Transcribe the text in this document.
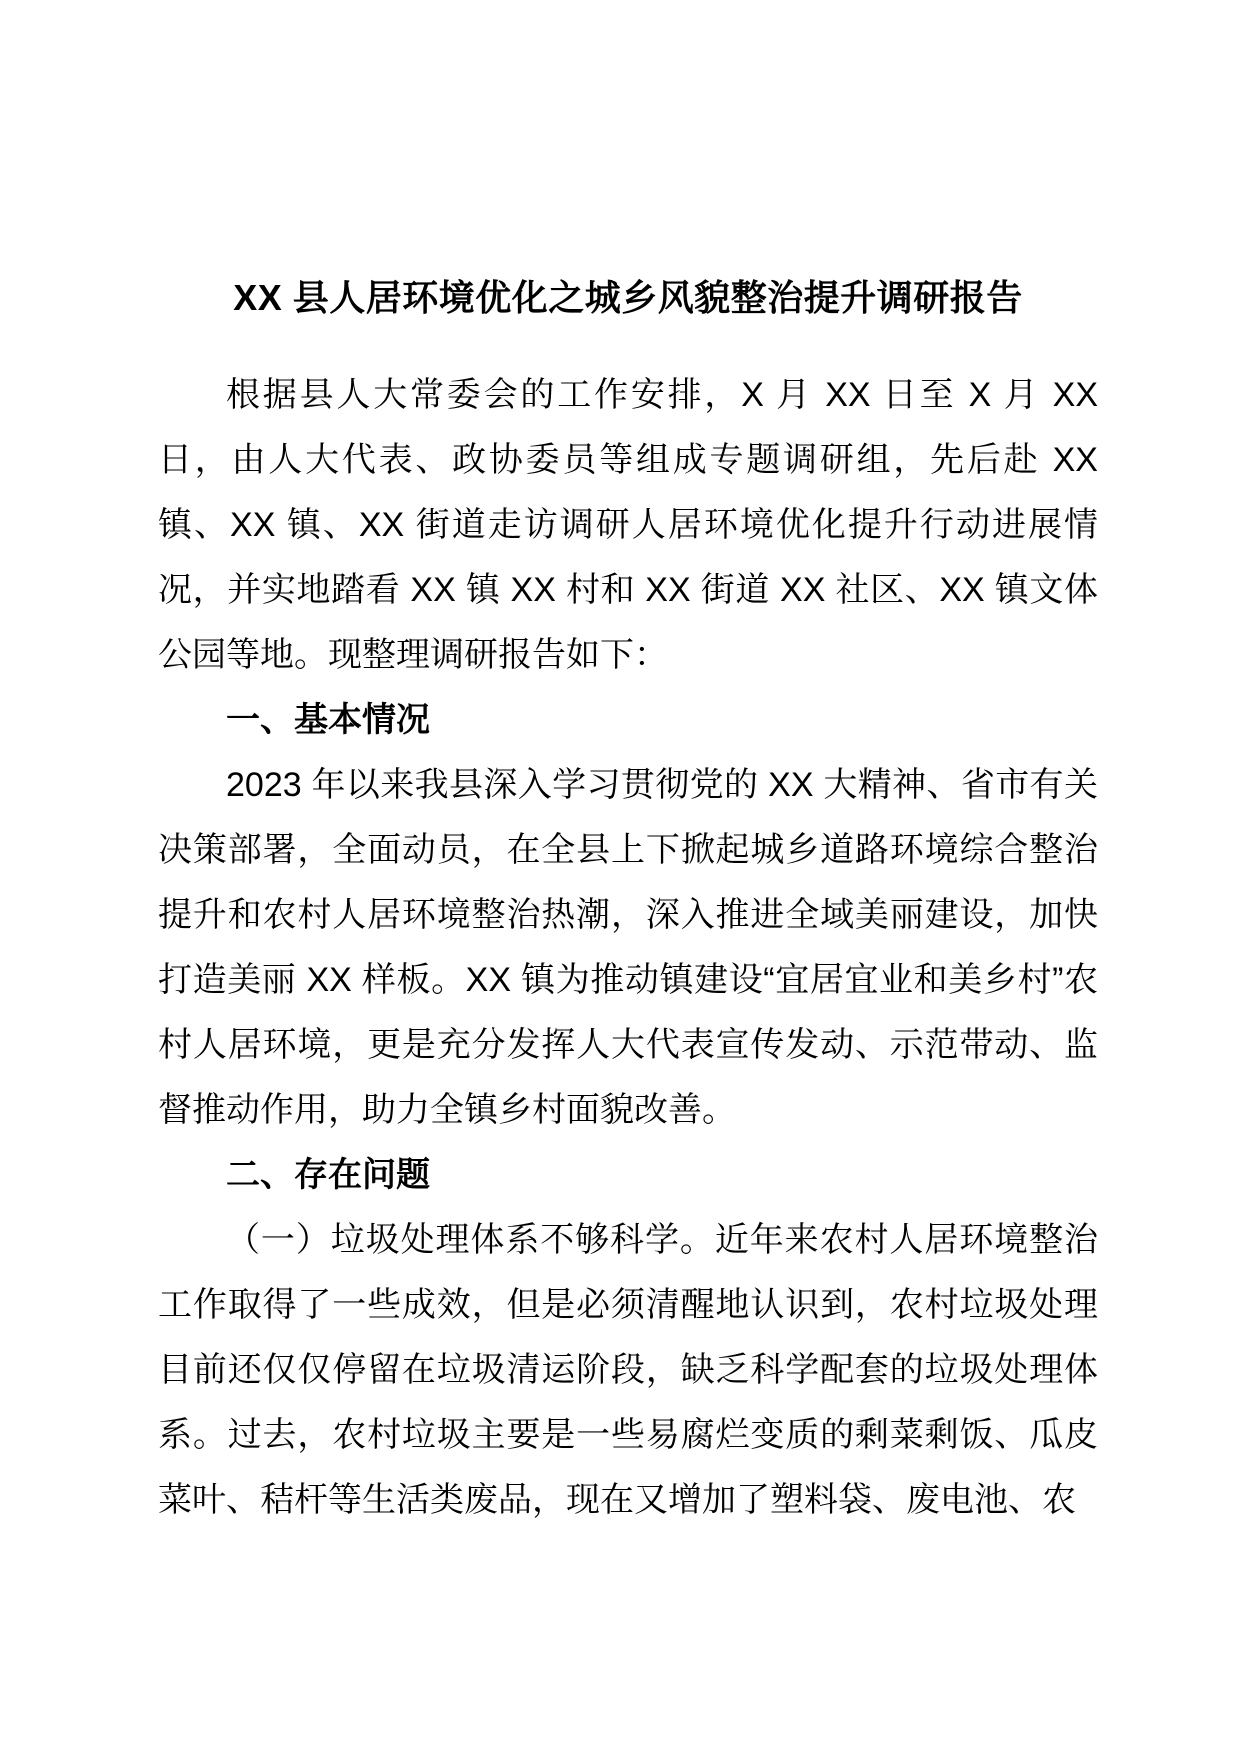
XX 县人居环境优化之城乡风貌整治提升调研报告

根据县人大常委会的工作安排，X 月 XX 日至 X 月 XX 日，由人大代表、政协委员等组成专题调研组，先后赴 XX 镇、XX 镇、XX 街道走访调研人居环境优化提升行动进展情况，并实地踏看 XX 镇 XX 村和 XX 街道 XX 社区、XX 镇文体公园等地。现整理调研报告如下：

一、基本情况

2023 年以来我县深入学习贯彻党的 XX 大精神、省市有关决策部署，全面动员，在全县上下掀起城乡道路环境综合整治提升和农村人居环境整治热潮，深入推进全域美丽建设，加快打造美丽 XX 样板。XX 镇为推动镇建设“宜居宜业和美乡村”农村人居环境，更是充分发挥人大代表宣传发动、示范带动、监督推动作用，助力全镇乡村面貌改善。

二、存在问题

（一）垃圾处理体系不够科学。近年来农村人居环境整治工作取得了一些成效，但是必须清醒地认识到，农村垃圾处理目前还仅仅停留在垃圾清运阶段，缺乏科学配套的垃圾处理体系。过去，农村垃圾主要是一些易腐烂变质的剩菜剩饭、瓜皮菜叶、秸杆等生活类废品，现在又增加了塑料袋、废电池、农
